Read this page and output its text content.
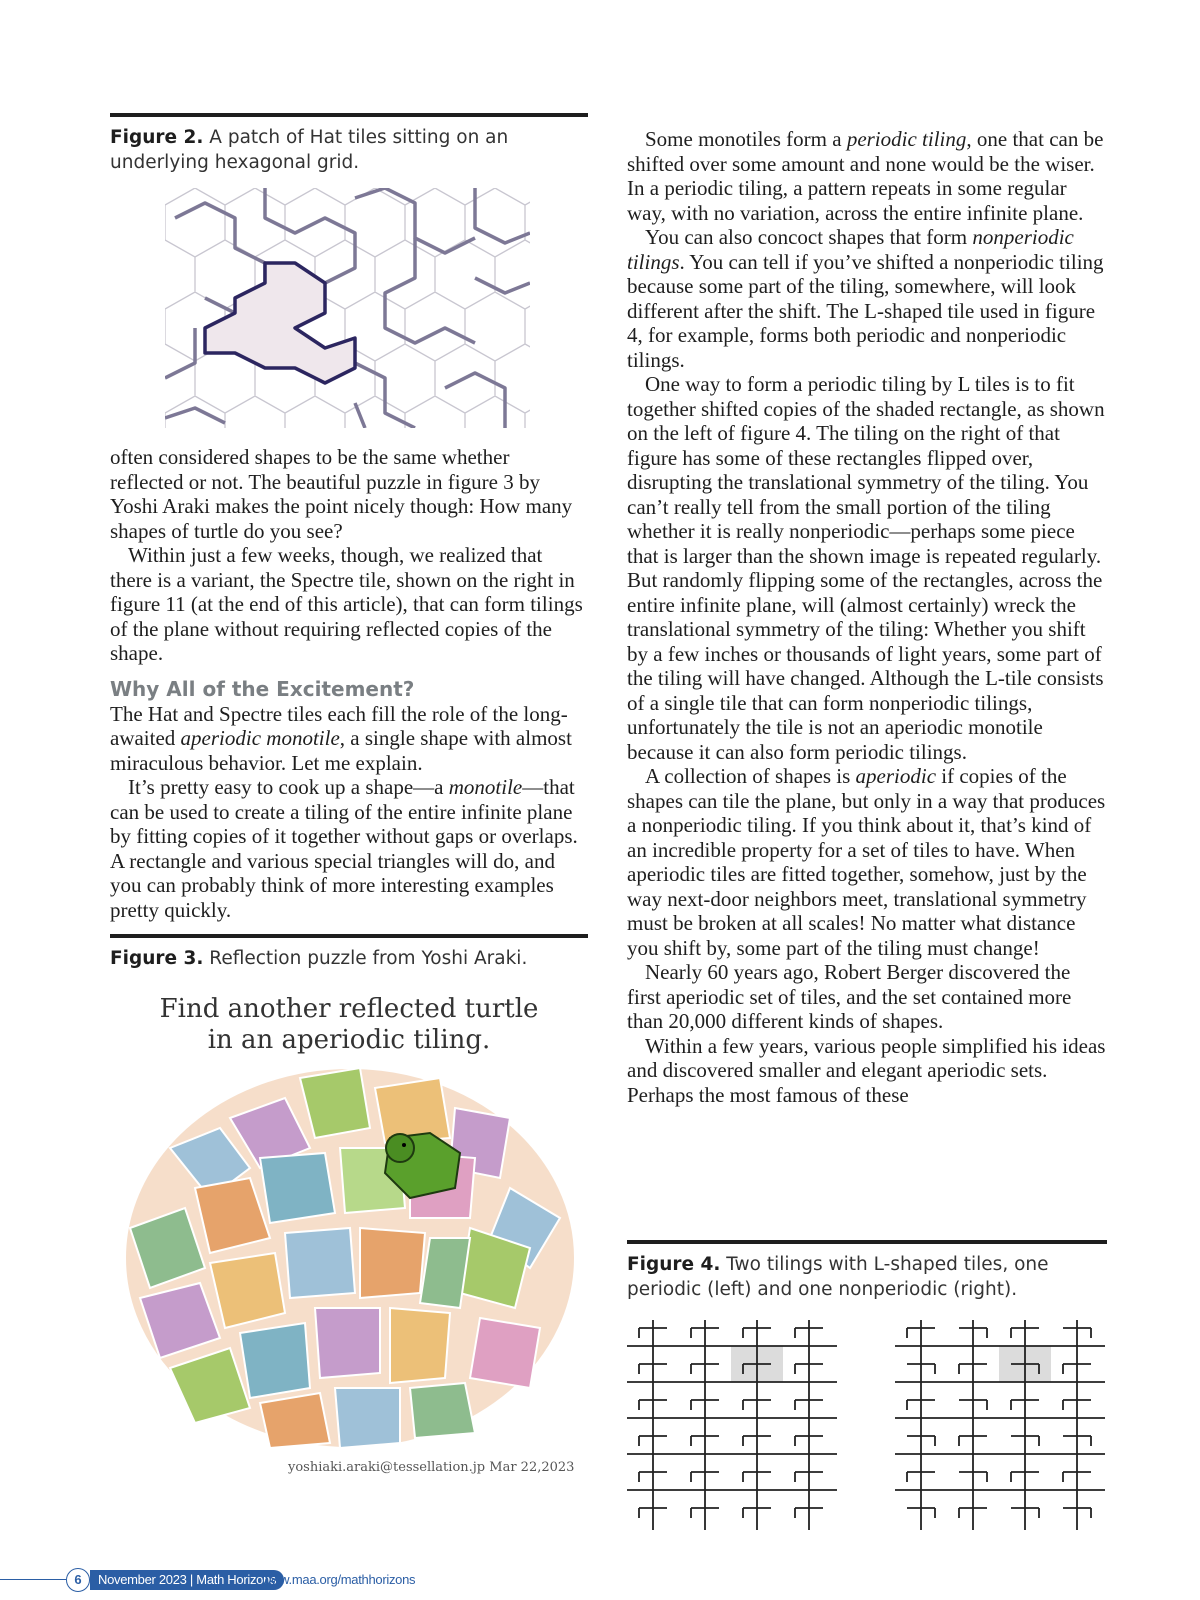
Figure 2. A patch of Hat tiles sitting on an underlying hexagonal grid.

often considered shapes to be the same whether reflected or not. The beautiful puzzle in figure 3 by Yoshi Araki makes the point nicely though: How many shapes of turtle do you see?

Within just a few weeks, though, we realized that there is a variant, the Spectre tile, shown on the right in figure 11 (at the end of this article), that can form tilings of the plane without requiring reflected copies of the shape.

Why All of the Excitement?

The Hat and Spectre tiles each fill the role of the long-awaited aperiodic monotile, a single shape with almost miraculous behavior. Let me explain.

It’s pretty easy to cook up a shape—a monotile—that can be used to create a tiling of the entire infinite plane by fitting copies of it together without gaps or overlaps. A rectangle and various special triangles will do, and you can probably think of more interesting examples pretty quickly.

Figure 3. Reflection puzzle from Yoshi Araki.

Find another reflected turtle
in an aperiodic tiling.
yoshiaki.araki@tessellation.jp Mar 22,2023

Some monotiles form a periodic tiling, one that can be shifted over some amount and none would be the wiser. In a periodic tiling, a pattern repeats in some regular way, with no variation, across the entire infinite plane.

You can also concoct shapes that form nonperiodic tilings. You can tell if you’ve shifted a nonperiodic tiling because some part of the tiling, somewhere, will look different after the shift. The L-shaped tile used in figure 4, for example, forms both periodic and nonperiodic tilings.

One way to form a periodic tiling by L tiles is to fit together shifted copies of the shaded rectangle, as shown on the left of figure 4. The tiling on the right of that figure has some of these rectangles flipped over, disrupting the translational symmetry of the tiling. You can’t really tell from the small portion of the tiling whether it is really nonperiodic—perhaps some piece that is larger than the shown image is repeated regularly.

But randomly flipping some of the rectangles, across the entire infinite plane, will (almost certainly) wreck the translational symmetry of the tiling: Whether you shift by a few inches or thousands of light years, some part of the tiling will have changed. Although the L-tile consists of a single tile that can form nonperiodic tilings, unfortunately the tile is not an aperiodic monotile because it can also form periodic tilings.

A collection of shapes is aperiodic if copies of the shapes can tile the plane, but only in a way that produces a nonperiodic tiling. If you think about it, that’s kind of an incredible property for a set of tiles to have. When aperiodic tiles are fitted together, somehow, just by the way next-door neighbors meet, translational symmetry must be broken at all scales! No matter what distance you shift by, some part of the tiling must change!

Nearly 60 years ago, Robert Berger discovered the first aperiodic set of tiles, and the set contained more than 20,000 different kinds of shapes.

Within a few years, various people simplified his ideas and discovered smaller and elegant aperiodic sets. Perhaps the most famous of these

Figure 4. Two tilings with L-shaped tiles, one periodic (left) and one nonperiodic (right).

6	November 2023 | Math Horizons
www.maa.org/mathhorizons
